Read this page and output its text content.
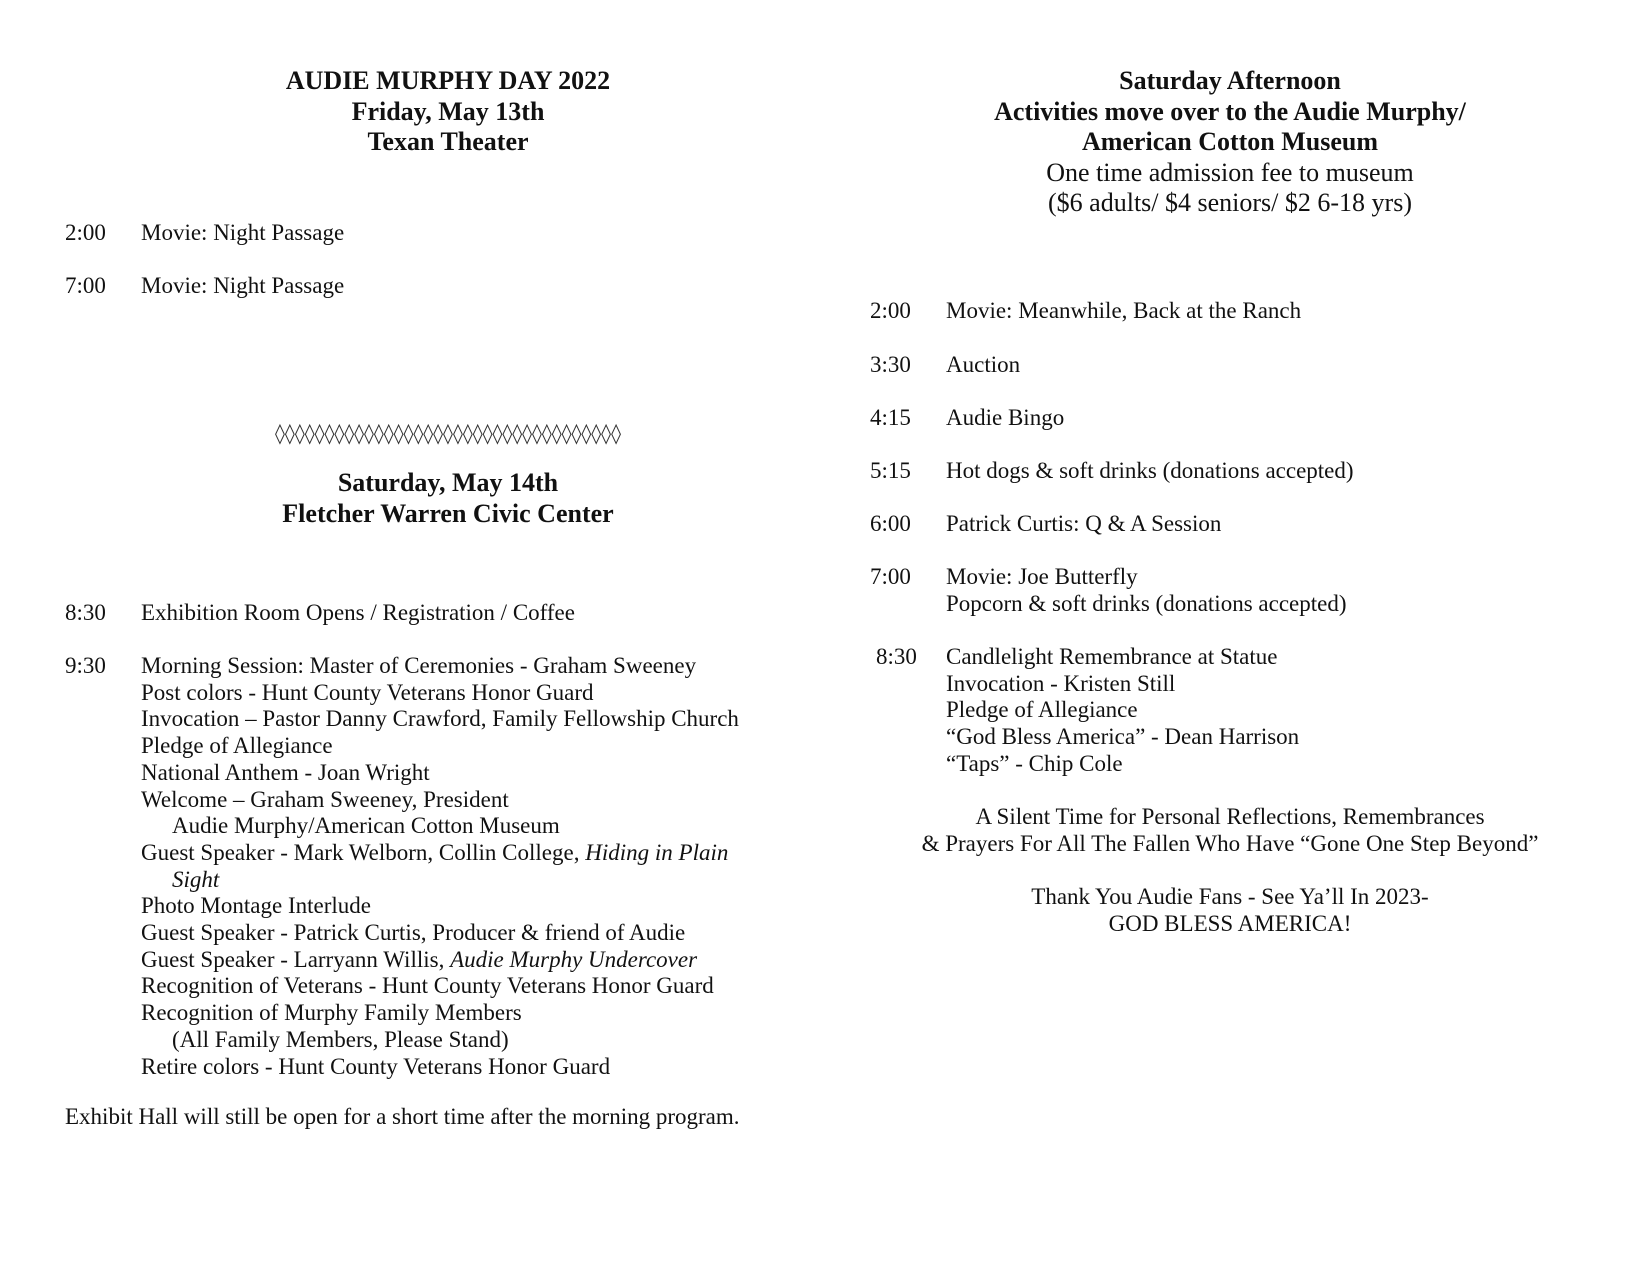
AUDIE MURPHY DAY 2022
Friday, May 13th
Texan Theater
2:00 Movie: Night Passage
7:00 Movie: Night Passage
◊◊◊◊◊◊◊◊◊◊◊◊◊◊◊◊◊◊◊◊◊◊◊◊◊◊◊◊◊◊◊◊◊◊◊
Saturday, May 14th
Fletcher Warren Civic Center
8:30 Exhibition Room Opens / Registration / Coffee
9:30 Morning Session: Master of Ceremonies - Graham Sweeney
Post colors - Hunt County Veterans Honor Guard
Invocation – Pastor Danny Crawford, Family Fellowship Church
Pledge of Allegiance
National Anthem - Joan Wright
Welcome – Graham Sweeney, President
Audie Murphy/American Cotton Museum
Guest Speaker - Mark Welborn, Collin College, Hiding in Plain
Sight
Photo Montage Interlude
Guest Speaker - Patrick Curtis, Producer & friend of Audie
Guest Speaker - Larryann Willis, Audie Murphy Undercover
Recognition of Veterans - Hunt County Veterans Honor Guard
Recognition of Murphy Family Members
(All Family Members, Please Stand)
Retire colors - Hunt County Veterans Honor Guard
Exhibit Hall will still be open for a short time after the morning program.
Saturday Afternoon
Activities move over to the Audie Murphy/
American Cotton Museum
One time admission fee to museum
($6 adults/ $4 seniors/ $2 6-18 yrs)
2:00 Movie: Meanwhile, Back at the Ranch
3:30 Auction
4:15 Audie Bingo
5:15 Hot dogs & soft drinks (donations accepted)
6:00 Patrick Curtis: Q & A Session
7:00 Movie: Joe Butterfly
Popcorn & soft drinks (donations accepted)
8:30 Candlelight Remembrance at Statue
Invocation - Kristen Still
Pledge of Allegiance
“God Bless America” - Dean Harrison
“Taps” - Chip Cole
A Silent Time for Personal Reflections, Remembrances
& Prayers For All The Fallen Who Have “Gone One Step Beyond”
Thank You Audie Fans - See Ya’ll In 2023-
GOD BLESS AMERICA!
